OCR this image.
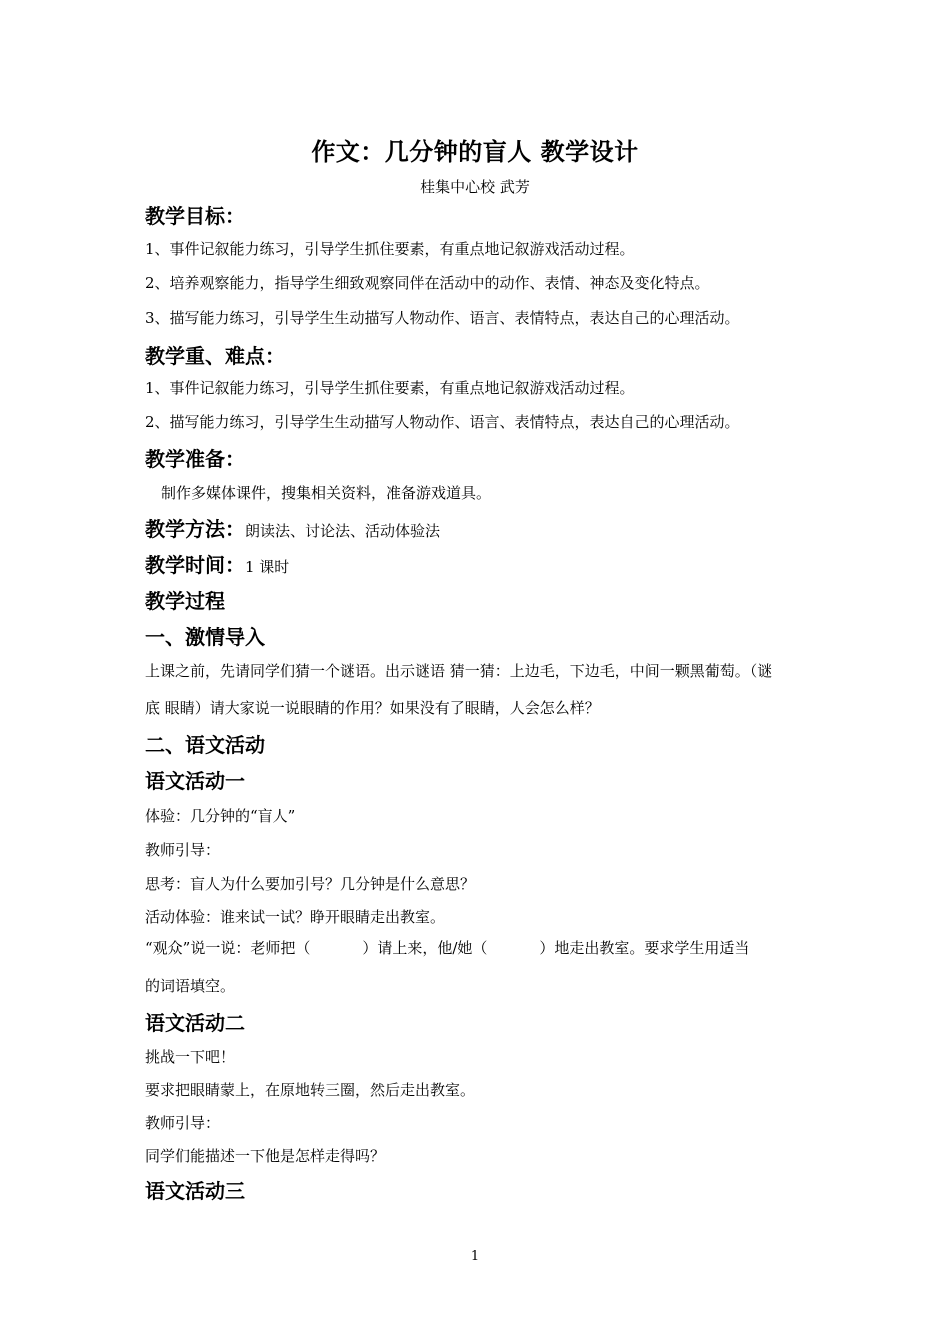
作文：几分钟的盲人 教学设计
桂集中心校 武芳
教学目标：
1、事件记叙能力练习，引导学生抓住要素，有重点地记叙游戏活动过程。
2、培养观察能力，指导学生细致观察同伴在活动中的动作、表情、神态及变化特点。
3、描写能力练习，引导学生生动描写人物动作、语言、表情特点，表达自己的心理活动。
教学重、难点：
1、事件记叙能力练习，引导学生抓住要素，有重点地记叙游戏活动过程。
2、描写能力练习，引导学生生动描写人物动作、语言、表情特点，表达自己的心理活动。
教学准备：
制作多媒体课件，搜集相关资料，准备游戏道具。
教学方法：朗读法、讨论法、活动体验法
教学时间：1 课时
教学过程
一、激情导入
上课之前，先请同学们猜一个谜语。出示谜语 猜一猜：上边毛，下边毛，中间一颗黑葡萄。（谜
底 眼睛）请大家说一说眼睛的作用？如果没有了眼睛，人会怎么样？
二、语文活动
语文活动一
体验：几分钟的“盲人”
教师引导：
思考：盲人为什么要加引号？几分钟是什么意思？
活动体验：谁来试一试？睁开眼睛走出教室。
“观众”说一说：老师把（	）请上来，他/她（	）地走出教室。要求学生用适当
的词语填空。
语文活动二
挑战一下吧！
要求把眼睛蒙上，在原地转三圈，然后走出教室。
教师引导：
同学们能描述一下他是怎样走得吗？
语文活动三
1
